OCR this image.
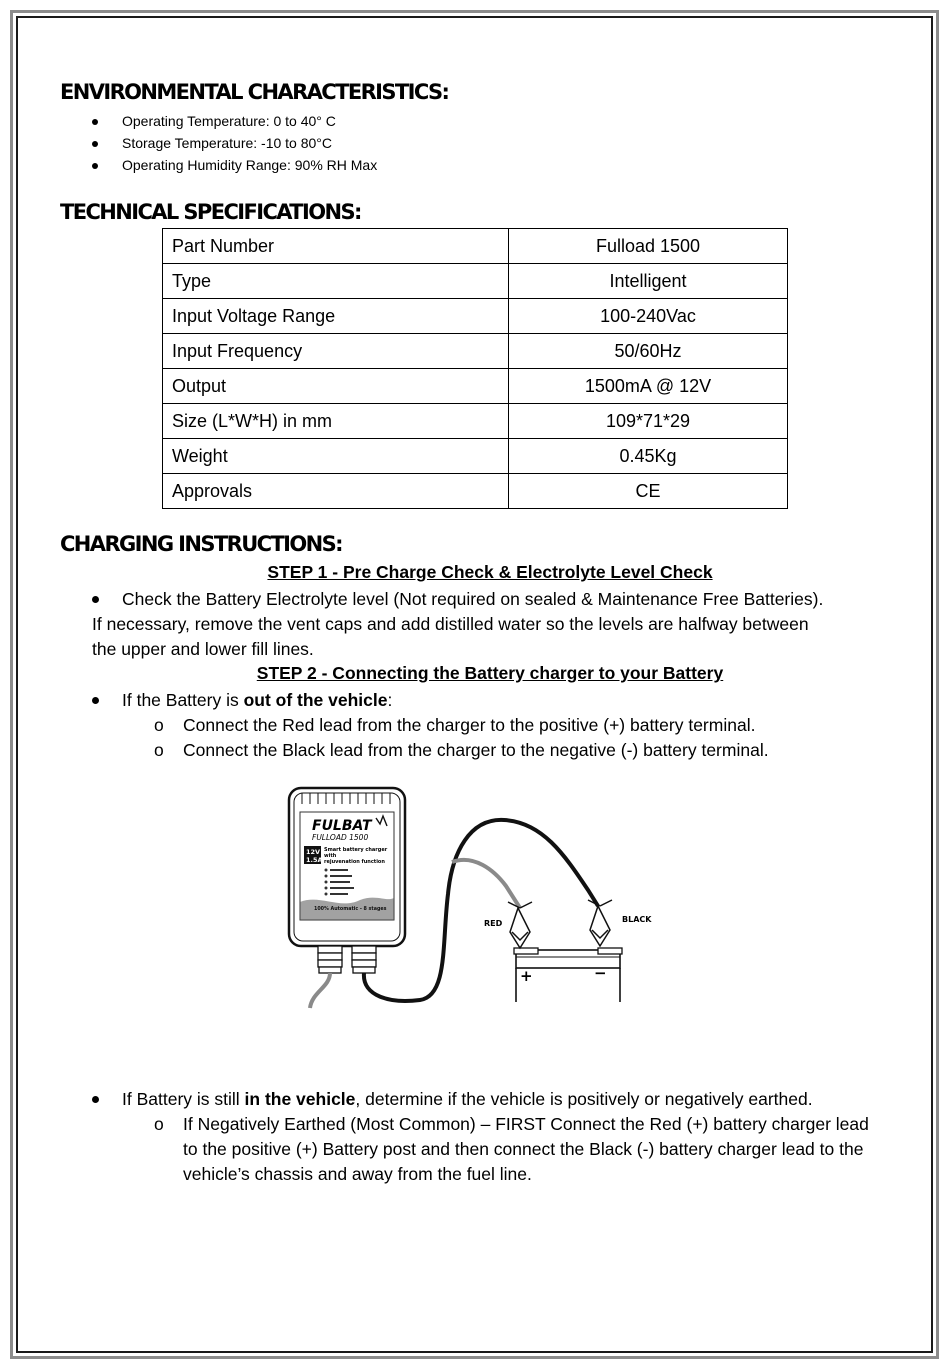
ENVIRONMENTAL CHARACTERISTICS:
Operating Temperature: 0 to 40° C
Storage Temperature: -10 to 80°C
Operating Humidity Range: 90% RH Max
TECHNICAL SPECIFICATIONS:
Part Number	Fulload 1500
Type	Intelligent
Input Voltage Range	100-240Vac
Input Frequency	50/60Hz
Output	1500mA @ 12V
Size (L*W*H) in mm	109*71*29
Weight	0.45Kg
Approvals	CE
CHARGING INSTRUCTIONS:
STEP 1 - Pre Charge Check & Electrolyte Level Check
Check the Battery Electrolyte level (Not required on sealed & Maintenance Free Batteries).
If necessary, remove the vent caps and add distilled water so the levels are halfway between
the upper and lower fill lines.
STEP 2 - Connecting the Battery charger to your Battery
If the Battery is out of the vehicle:
o Connect the Red lead from the charger to the positive (+) battery terminal.
o Connect the Black lead from the charger to the negative (-) battery terminal.
FULBAT
FULLOAD 1500
12V
1.5A
Smart battery charger
with
rejuvenation function
100% Automatic - 8 stages
+	−
RED	BLACK
If Battery is still in the vehicle, determine if the vehicle is positively or negatively earthed.
o If Negatively Earthed (Most Common) – FIRST Connect the Red (+) battery charger lead to the positive (+) Battery post and then connect the Black (-) battery charger lead to the vehicle’s chassis and away from the fuel line.
